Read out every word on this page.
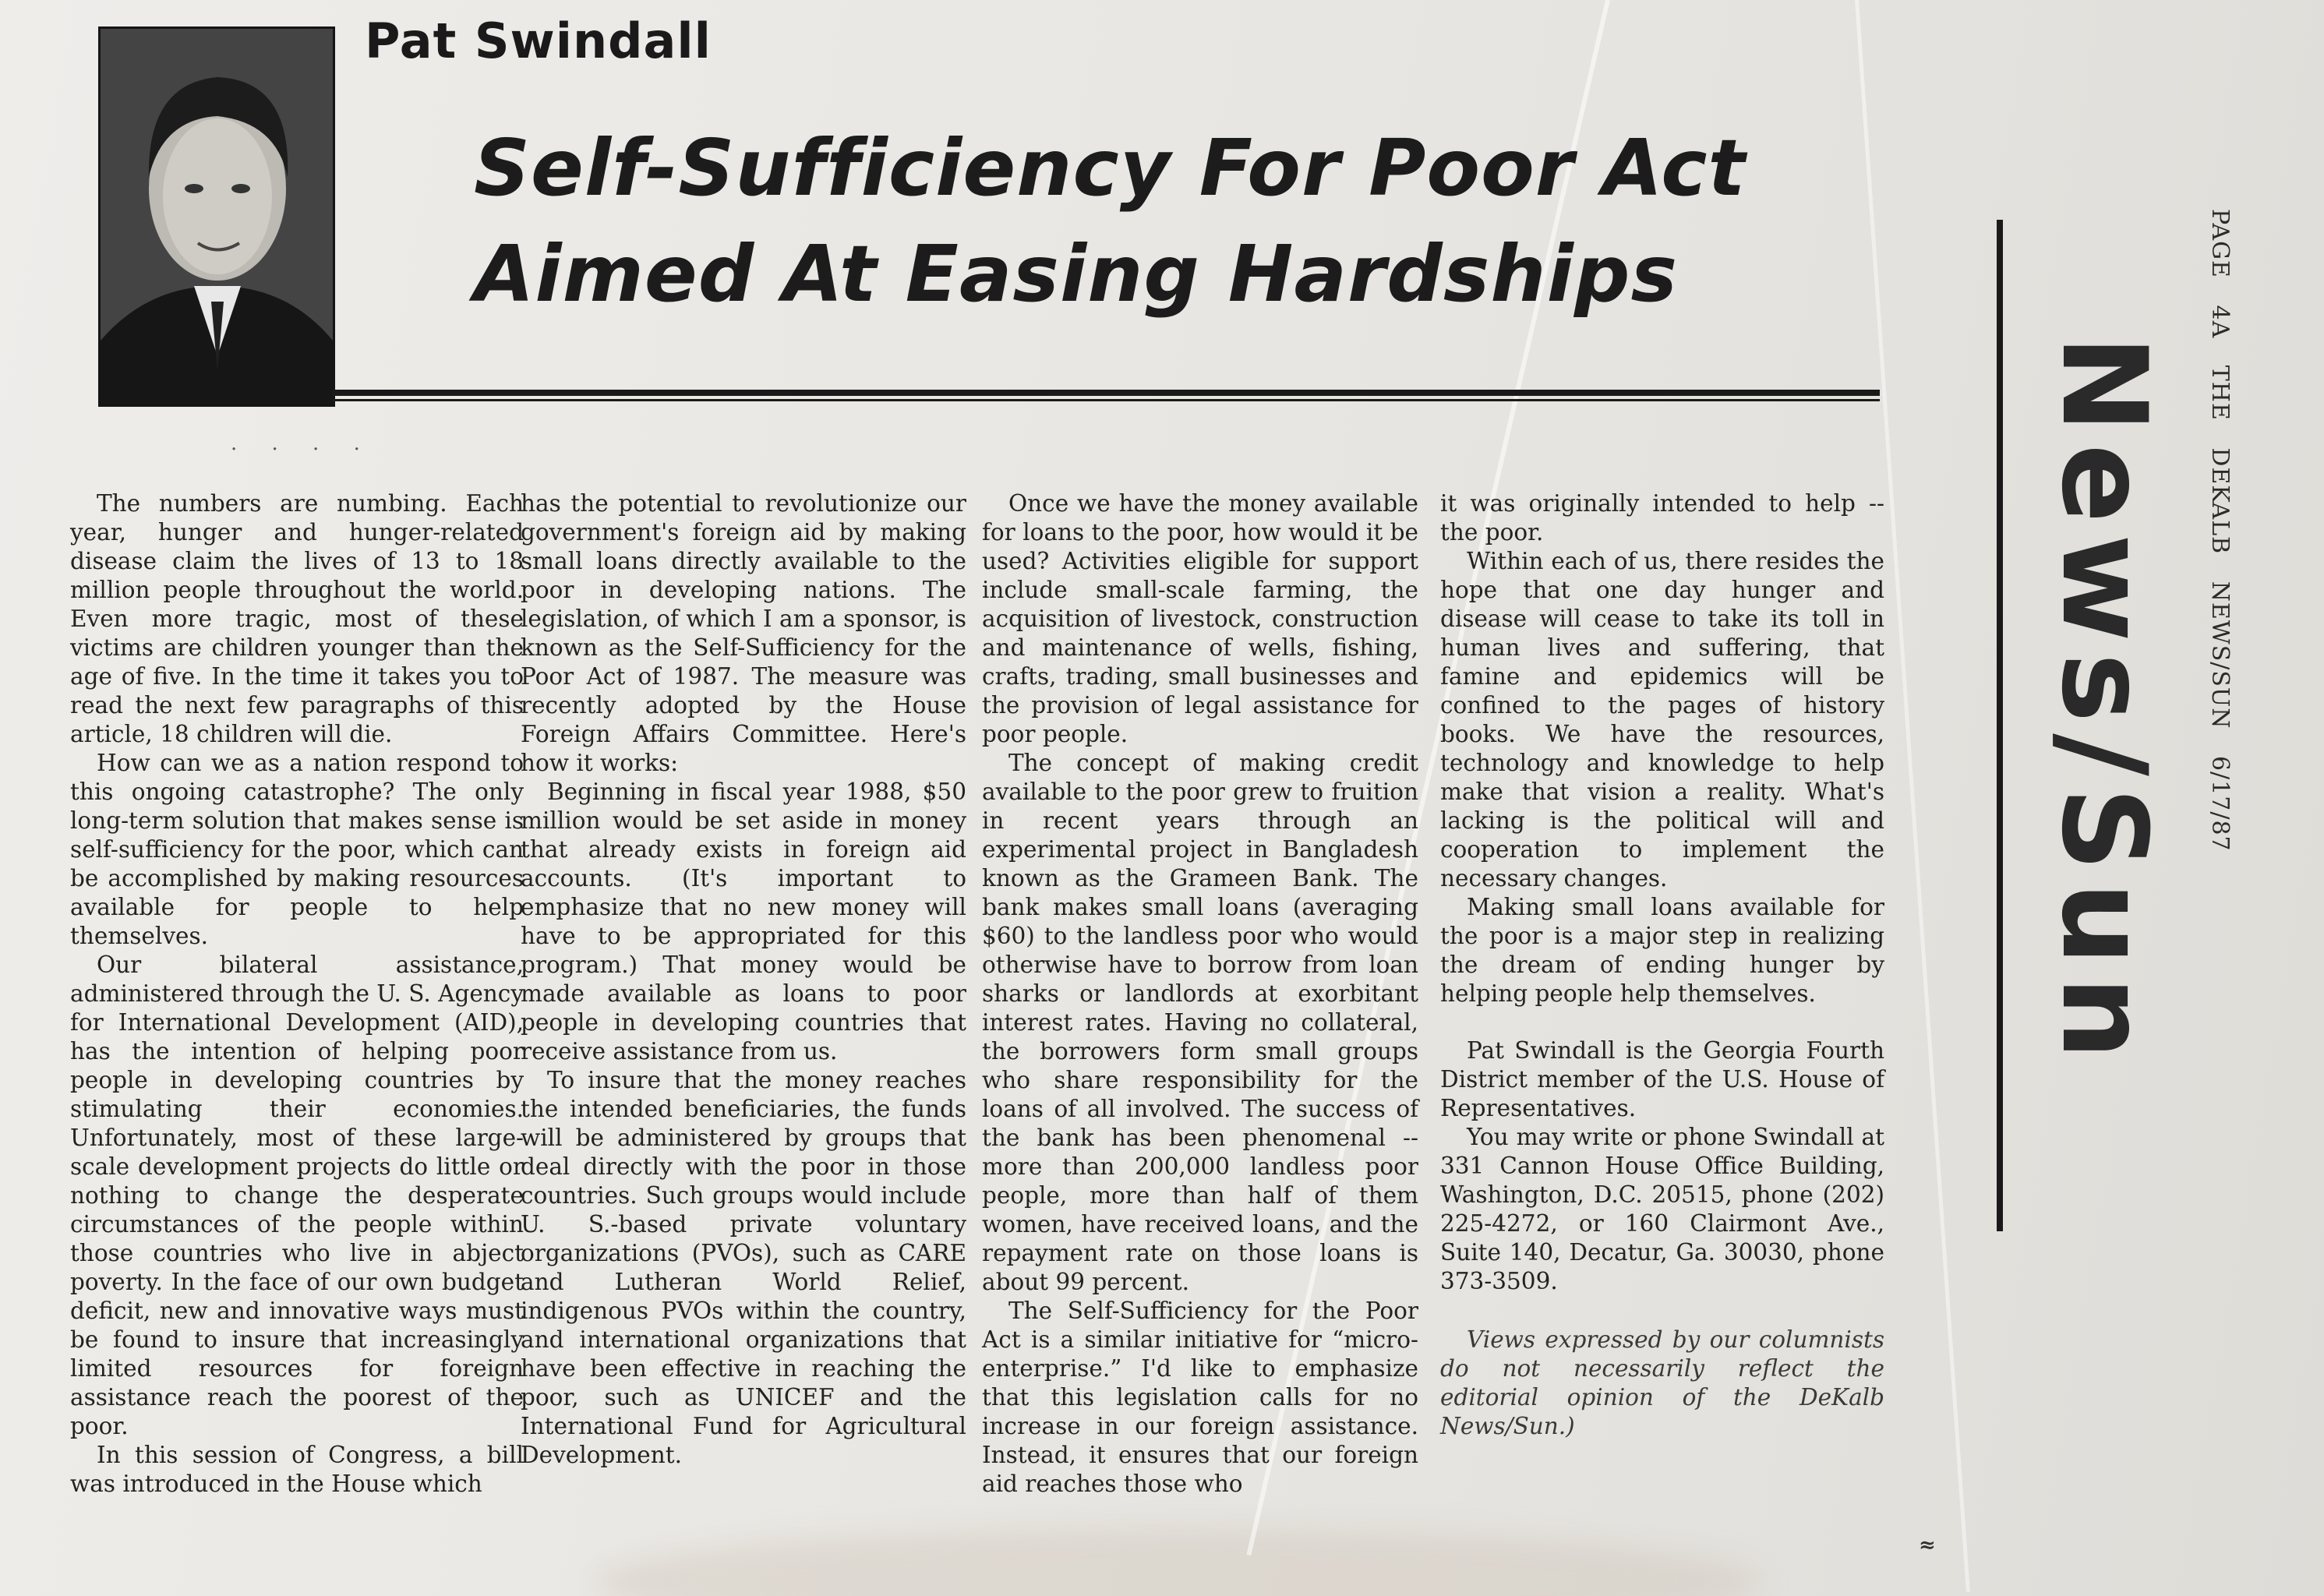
Pat Swindall
Self-Sufficiency For Poor Act
Aimed At Easing Hardships
· · · ·

The numbers are numbing. Each year, hunger and hunger-related disease claim the lives of 13 to 18 million people throughout the world. Even more tragic, most of these victims are children younger than the age of five. In the time it takes you to read the next few paragraphs of this article, 18 children will die.

How can we as a nation respond to this ongoing catastrophe? The only long-term solution that makes sense is self-sufficiency for the poor, which can be accomplished by making resources available for people to help themselves.

Our bilateral assistance, administered through the U. S. Agency for International Development (AID), has the intention of helping poor people in developing countries by stimulating their economies. Unfortunately, most of these large-scale development projects do little or nothing to change the desperate circumstances of the people within those countries who live in abject poverty. In the face of our own budget deficit, new and innovative ways must be found to insure that increasingly limited resources for foreign assistance reach the poorest of the poor.

In this session of Congress, a bill was introduced in the House which

has the potential to revolutionize our government's foreign aid by making small loans directly available to the poor in developing nations. The legislation, of which I am a sponsor, is known as the Self-Sufficiency for the Poor Act of 1987. The measure was recently adopted by the House Foreign Affairs Committee. Here's how it works:

Beginning in fiscal year 1988, $50 million would be set aside in money that already exists in foreign aid accounts. (It's important to emphasize that no new money will have to be appropriated for this program.) That money would be made available as loans to poor people in developing countries that receive assistance from us.

To insure that the money reaches the intended beneficiaries, the funds will be administered by groups that deal directly with the poor in those countries. Such groups would include U. S.-based private voluntary organizations (PVOs), such as CARE and Lutheran World Relief, indigenous PVOs within the country, and international organizations that have been effective in reaching the poor, such as UNICEF and the International Fund for Agricultural Development.

Once we have the money available for loans to the poor, how would it be used? Activities eligible for support include small-scale farming, the acquisition of livestock, construction and maintenance of wells, fishing, crafts, trading, small businesses and the provision of legal assistance for poor people.

The concept of making credit available to the poor grew to fruition in recent years through an experimental project in Bangladesh known as the Grameen Bank. The bank makes small loans (averaging $60) to the landless poor who would otherwise have to borrow from loan sharks or landlords at exorbitant interest rates. Having no collateral, the borrowers form small groups who share responsibility for the loans of all involved. The success of the bank has been phenomenal -- more than 200,000 landless poor people, more than half of them women, have received loans, and the repayment rate on those loans is about 99 percent.

The Self-Sufficiency for the Poor Act is a similar initiative for “micro-enterprise.” I'd like to emphasize that this legislation calls for no increase in our foreign assistance. Instead, it ensures that our foreign aid reaches those who

it was originally intended to help -- the poor.

Within each of us, there resides the hope that one day hunger and disease will cease to take its toll in human lives and suffering, that famine and epidemics will be confined to the pages of history books. We have the resources, technology and knowledge to help make that vision a reality. What's lacking is the political will and cooperation to implement the necessary changes.

Making small loans available for the poor is a major step in realizing the dream of ending hunger by helping people help themselves.

Pat Swindall is the Georgia Fourth District member of the U.S. House of Representatives.

You may write or phone Swindall at 331 Cannon House Office Building, Washington, D.C. 20515, phone (202) 225-4272, or 160 Clairmont Ave., Suite 140, Decatur, Ga. 30030, phone 373-3509.

Views expressed by our columnists do not necessarily reflect the editorial opinion of the DeKalb News/Sun.)

News/Sun PAGE 4A THE DEKALB NEWS/SUN 6/17/87

≈
